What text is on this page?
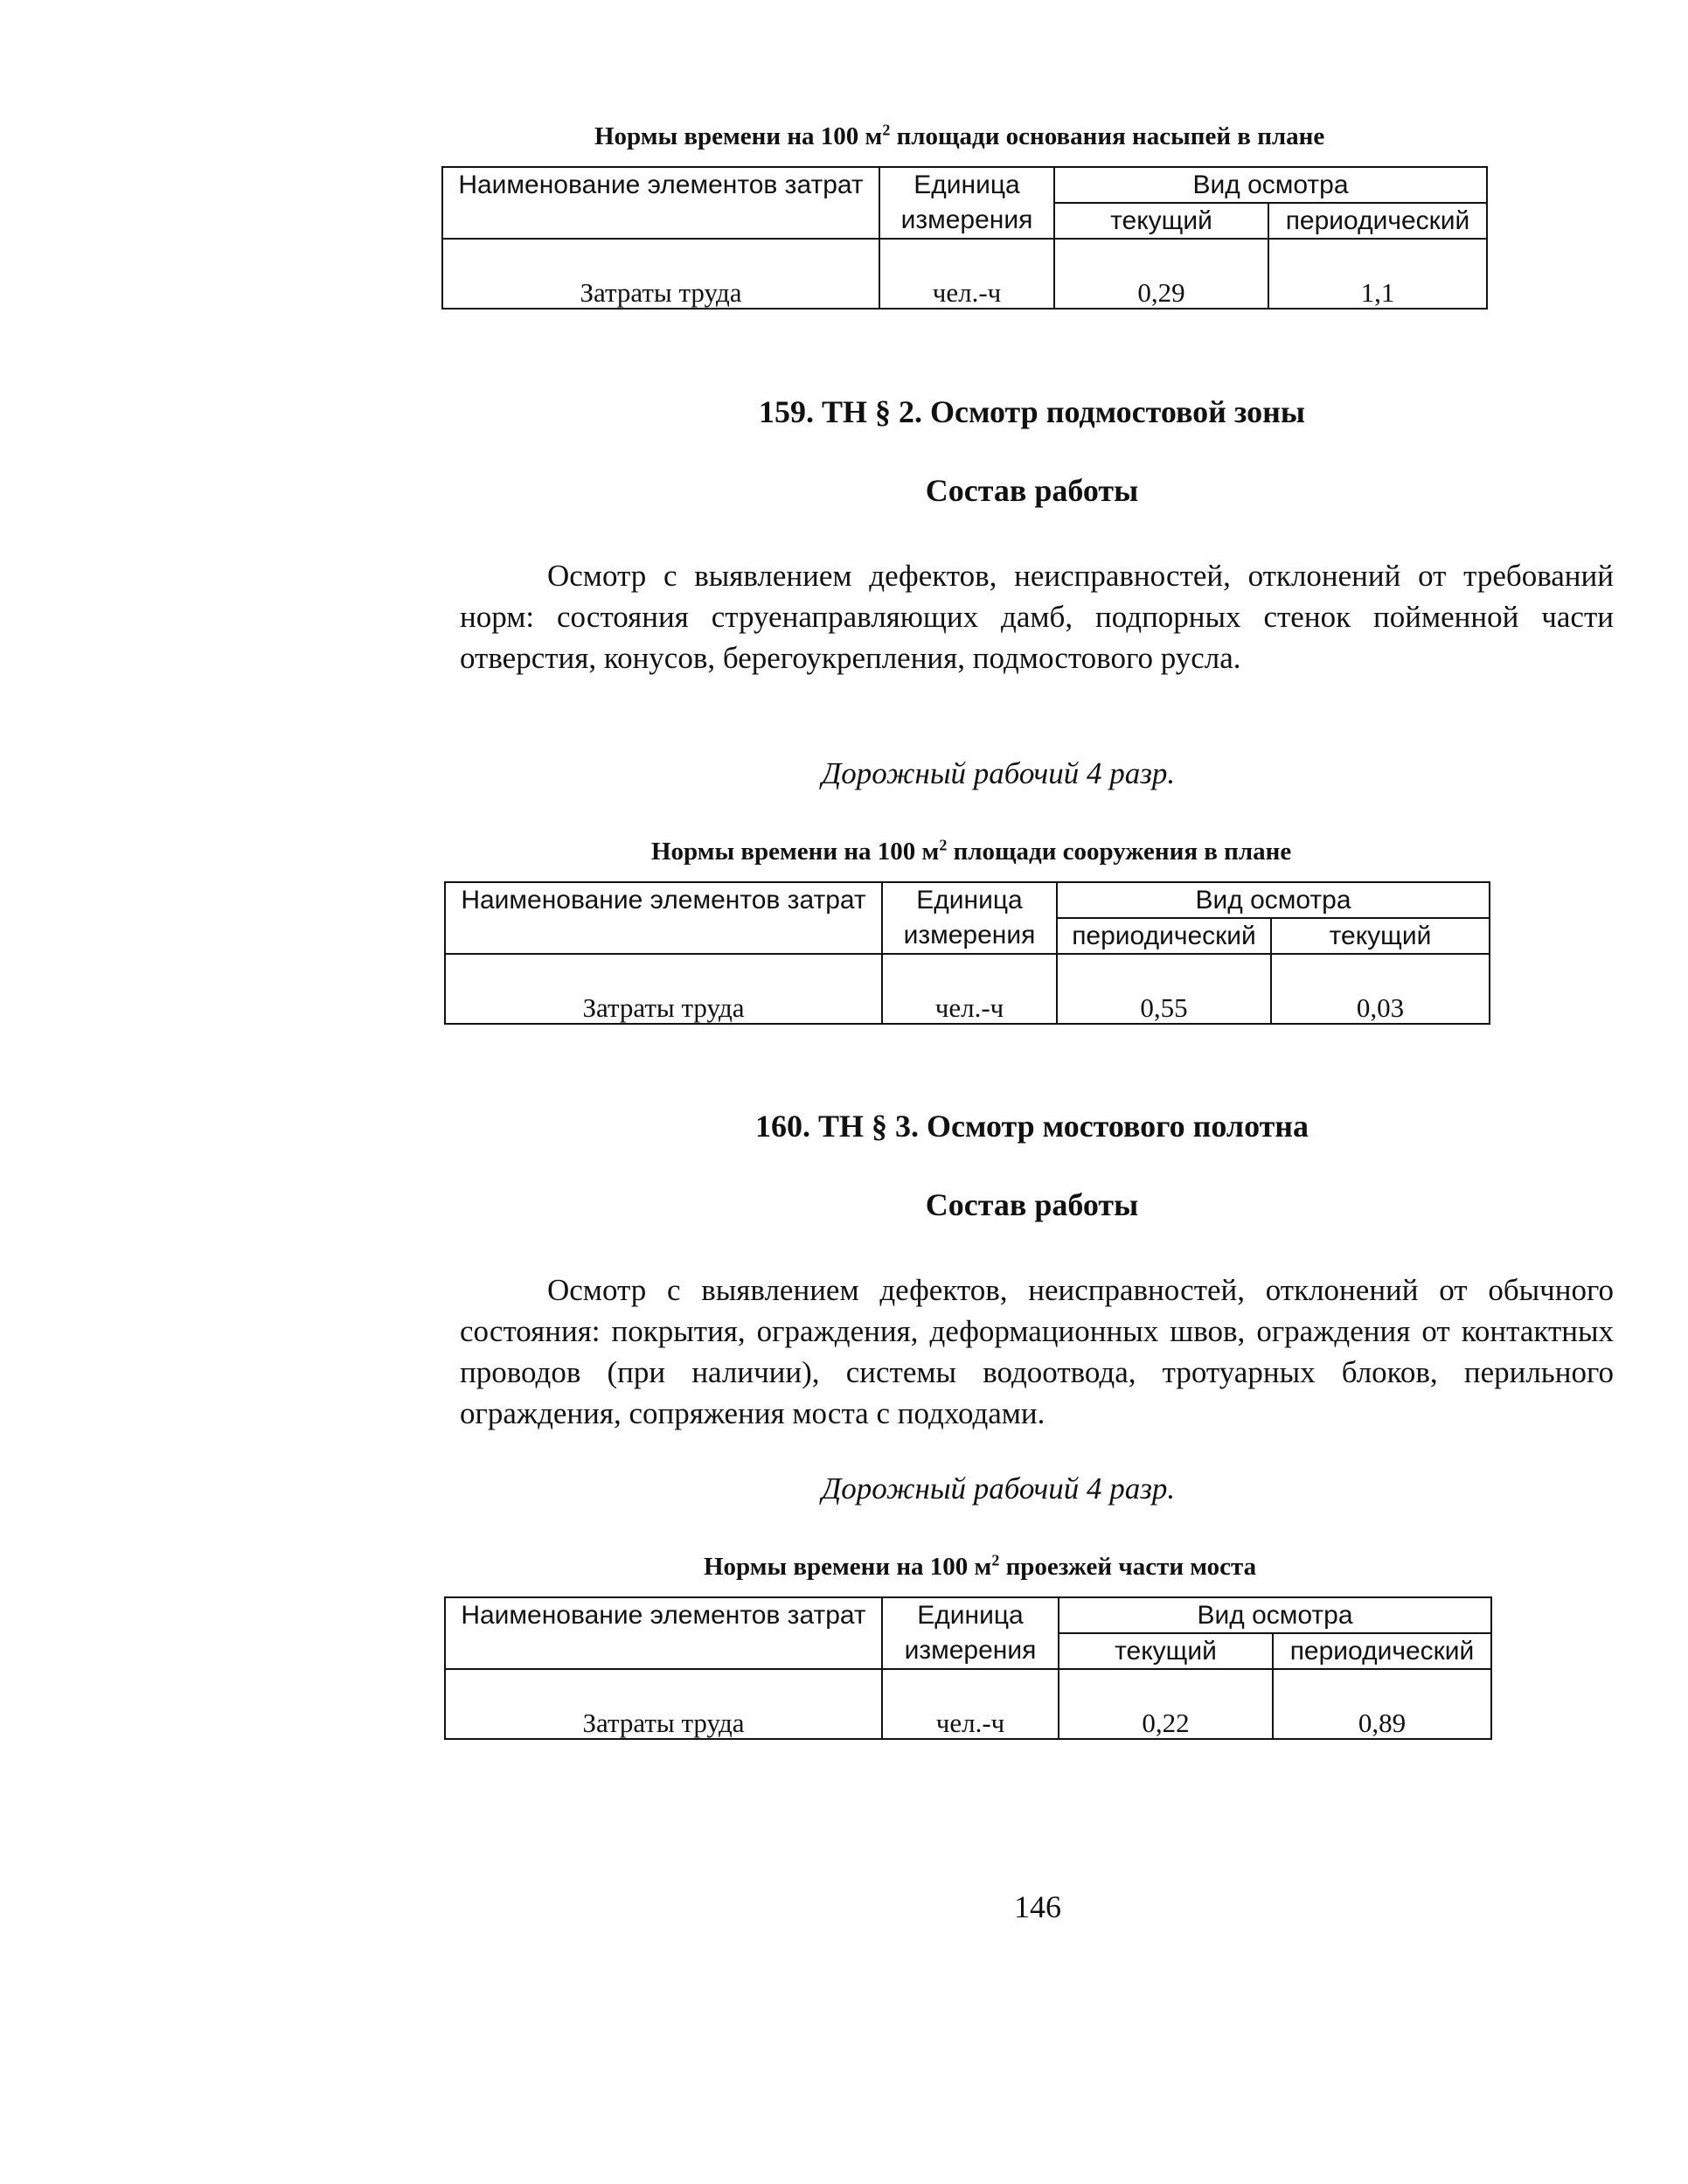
Нормы времени на 100 $м^2$ площади основания насыпей в плане
Наименование элементов затрат	Единица измерения	Вид осмотра	
		текущий	периодический
Затраты труда	чел.-ч	0,29	1,1
159. ТН § 2. Осмотр подмостовой зоны
Состав работы
Осмотр с выявлением дефектов, неисправностей, отклонений от требований норм: состояния струенаправляющих дамб, подпорных стенок пойменной части отверстия, конусов, берегоукрепления, подмостового русла.
Дорожный рабочий 4 разр.
Нормы времени на 100 $м^2$ площади сооружения в плане
Наименование элементов затрат	Единица измерения	Вид осмотра	
		периодический	текущий
Затраты труда	чел.-ч	0,55	0,03
160. ТН § 3. Осмотр мостового полотна
Состав работы
Осмотр с выявлением дефектов, неисправностей, отклонений от обычного состояния: покрытия, ограждения, деформационных швов, ограждения от контактных проводов (при наличии), системы водоотвода, тротуарных блоков, перильного ограждения, сопряжения моста с подходами.
Дорожный рабочий 4 разр.
Нормы времени на 100 $м^2$ проезжей части моста
Наименование элементов затрат	Единица измерения	Вид осмотра	
		текущий	периодический
Затраты труда	чел.-ч	0,22	0,89
146
